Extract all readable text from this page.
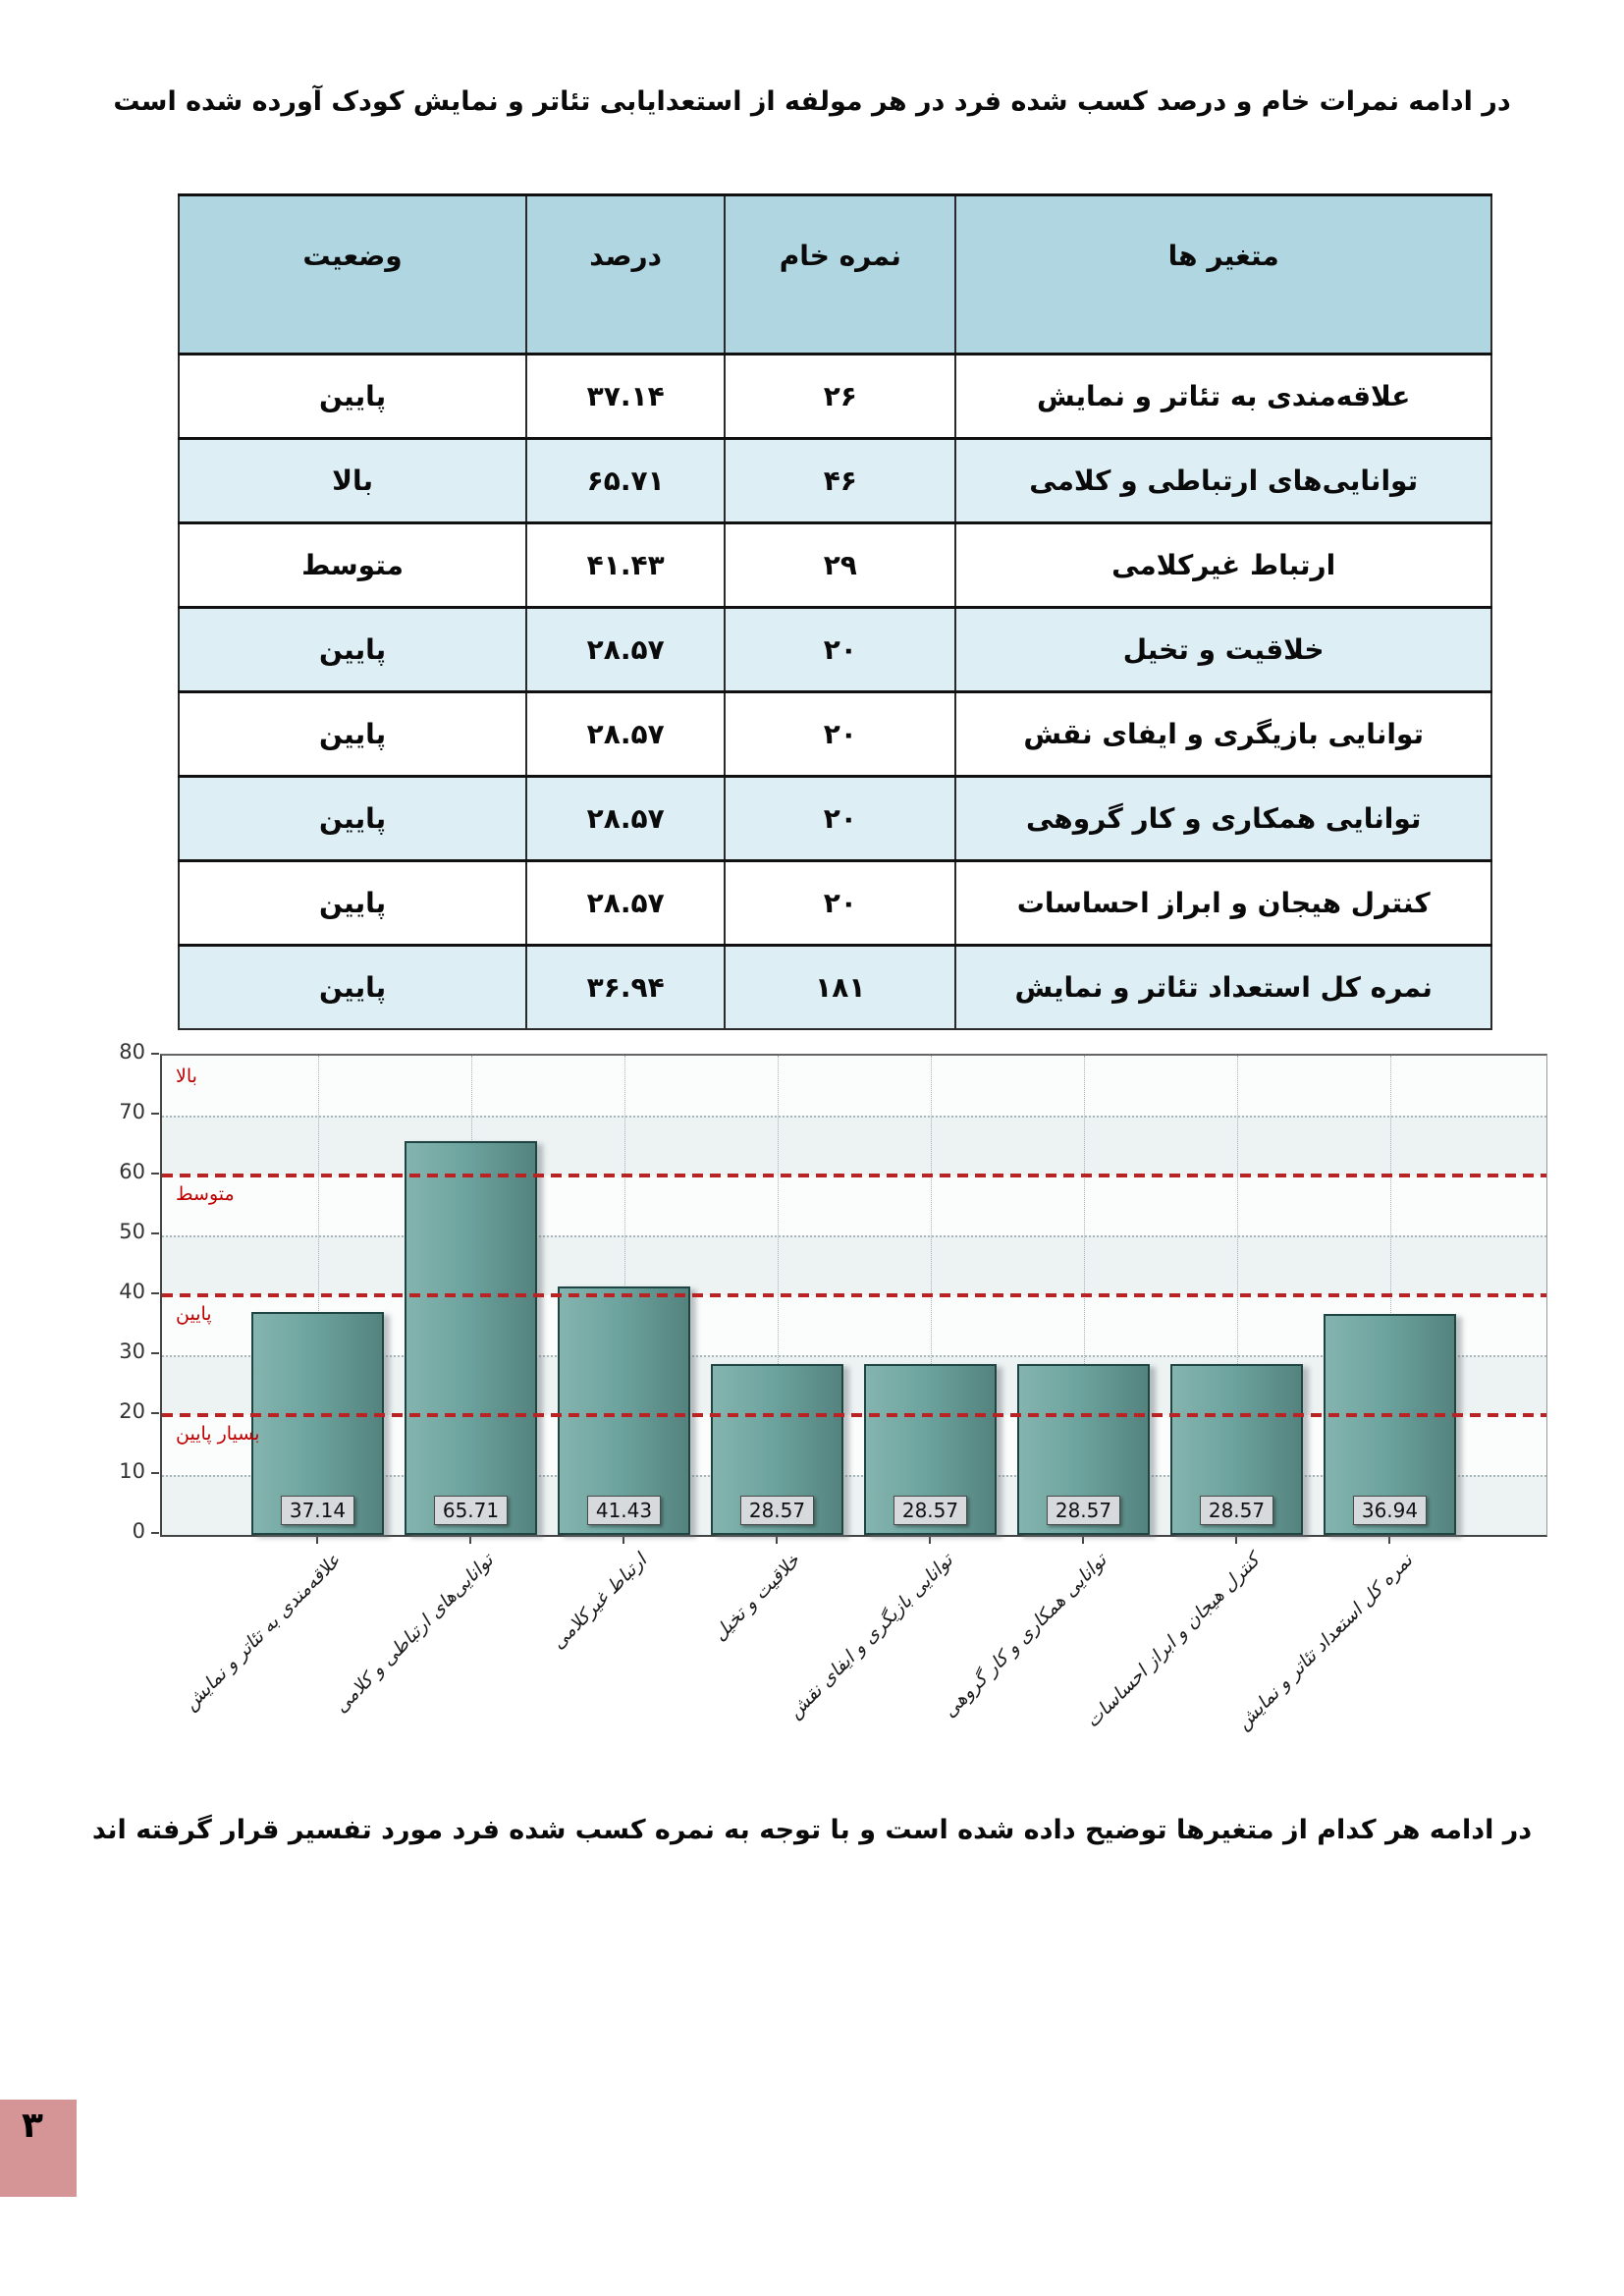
در ادامه نمرات خام و درصد کسب شده فرد در هر مولفه از استعدایابی تئاتر و نمایش کودک آورده شده است
متغیر ها	نمره خام	درصد	وضعیت
علاقه‌مندی به تئاتر و نمایش	۲۶	۳۷.۱۴	پایین
توانایی‌های ارتباطی و کلامی	۴۶	۶۵.۷۱	بالا
ارتباط غیرکلامی	۲۹	۴۱.۴۳	متوسط
خلاقیت و تخیل	۲۰	۲۸.۵۷	پایین
توانایی بازیگری و ایفای نقش	۲۰	۲۸.۵۷	پایین
توانایی همکاری و کار گروهی	۲۰	۲۸.۵۷	پایین
کنترل هیجان و ابراز احساسات	۲۰	۲۸.۵۷	پایین
نمره کل استعداد تئاتر و نمایش	۱۸۱	۳۶.۹۴	پایین
متوسط
پایین
بسیار پایین
بالا
37.14	65.71	41.43	28.57	28.57	28.57	28.57	36.94
0
10
20
30
40
50
60
70
80
علاقه‌مندی به تئاتر و نمایش
توانایی‌های ارتباطی و کلامی	ارتباط غیرکلامی	خلاقیت و تخیل
توانایی بازیگری و ایفای نقش
توانایی همکاری و کار گروهی
کنترل هیجان و ابراز احساسات
نمره کل استعداد تئاتر و نمایش
در ادامه هر کدام از متغیرها توضیح داده شده است و با توجه به نمره کسب شده فرد مورد تفسیر قرار گرفته اند
۳
